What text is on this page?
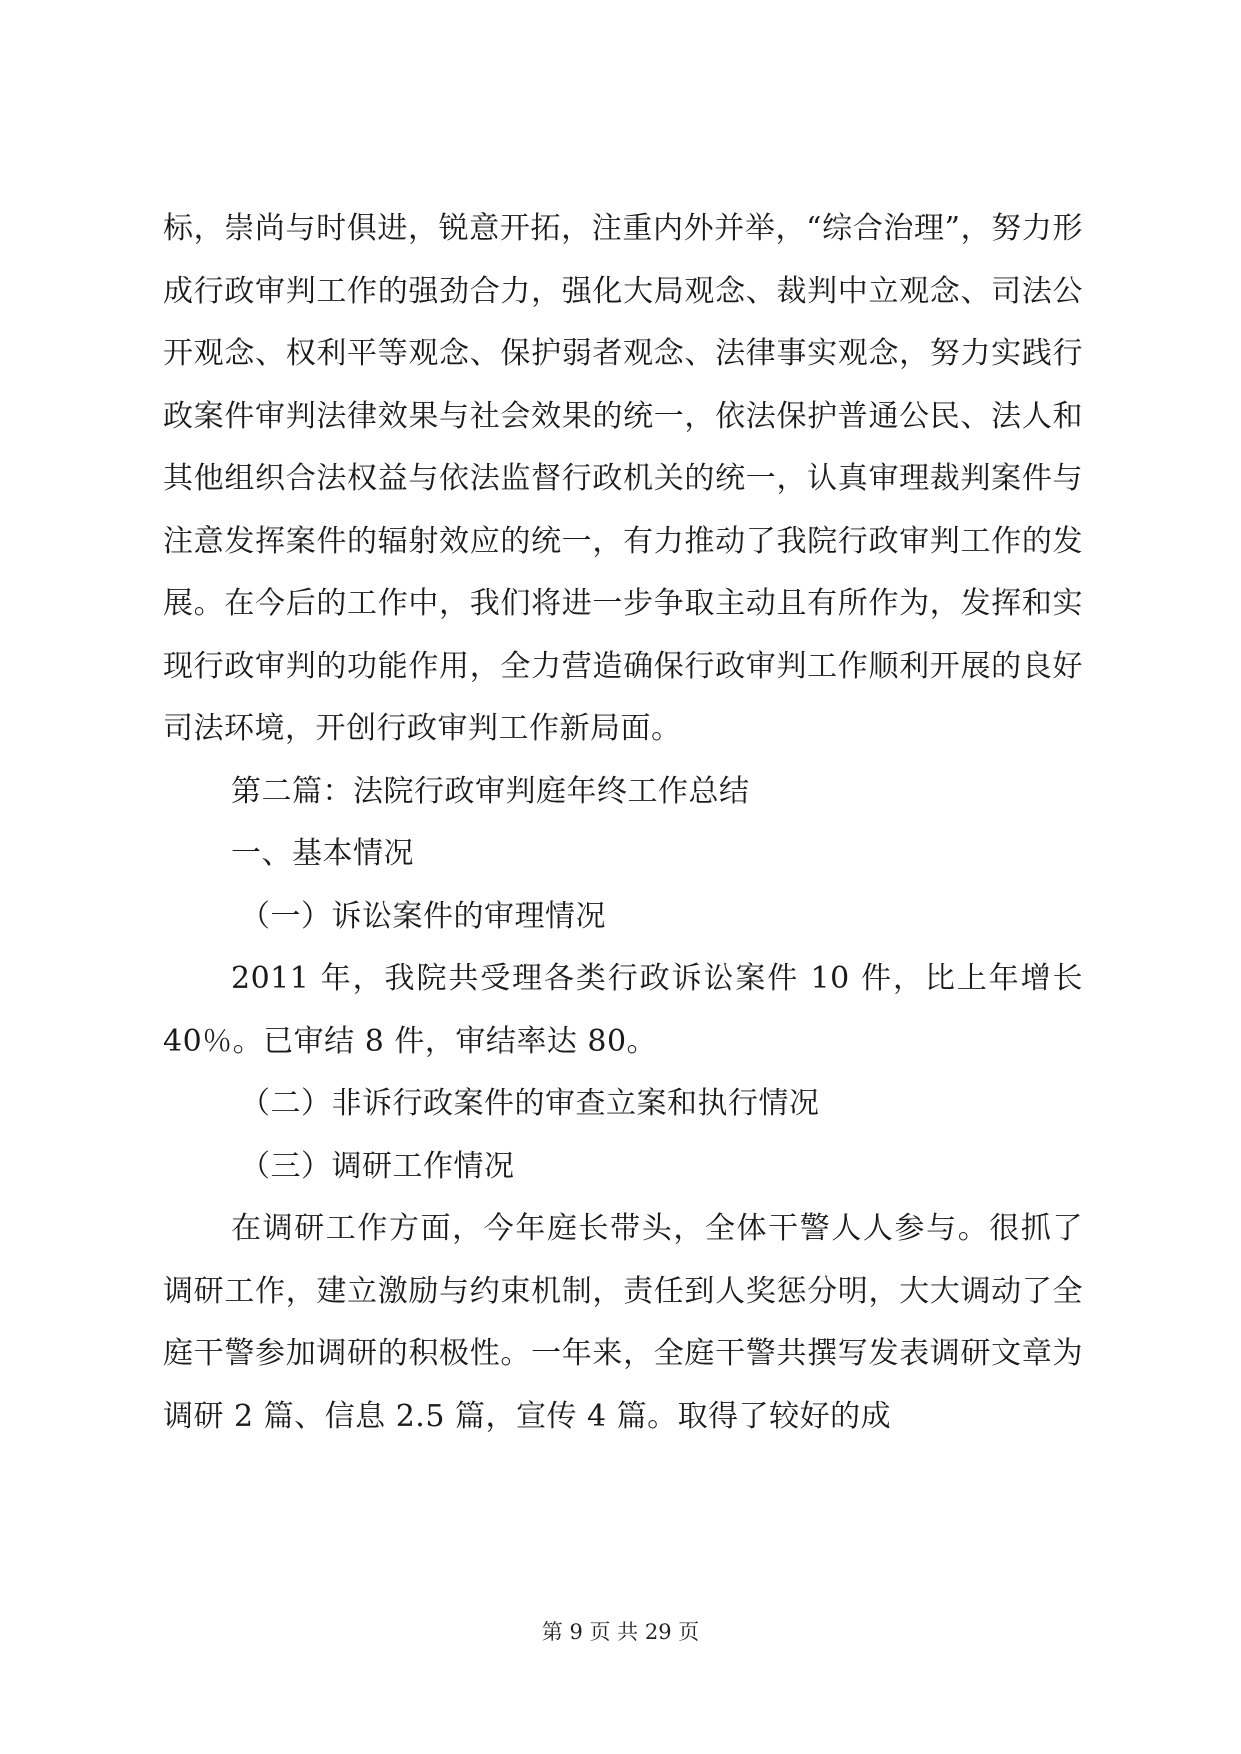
标，崇尚与时俱进，锐意开拓，注重内外并举，“综合治理”，努力形成行政审判工作的强劲合力，强化大局观念、裁判中立观念、司法公开观念、权利平等观念、保护弱者观念、法律事实观念，努力实践行政案件审判法律效果与社会效果的统一，依法保护普通公民、法人和其他组织合法权益与依法监督行政机关的统一，认真审理裁判案件与注意发挥案件的辐射效应的统一，有力推动了我院行政审判工作的发展。在今后的工作中，我们将进一步争取主动且有所作为，发挥和实现行政审判的功能作用，全力营造确保行政审判工作顺利开展的良好司法环境，开创行政审判工作新局面。

第二篇：法院行政审判庭年终工作总结

一、基本情况

（一）诉讼案件的审理情况

2011 年，我院共受理各类行政诉讼案件 10 件，比上年增长 40％。已审结 8 件，审结率达 80。

（二）非诉行政案件的审查立案和执行情况

（三）调研工作情况

在调研工作方面，今年庭长带头，全体干警人人参与。很抓了调研工作，建立激励与约束机制，责任到人奖惩分明，大大调动了全庭干警参加调研的积极性。一年来，全庭干警共撰写发表调研文章为调研 2 篇、信息 2.5 篇，宣传 4 篇。取得了较好的成

第 9 页 共 29 页
